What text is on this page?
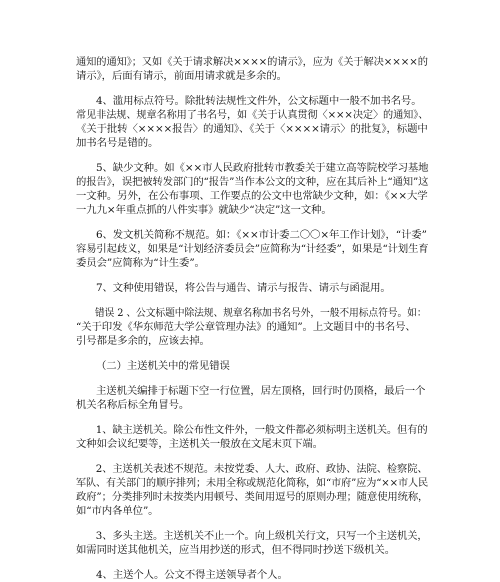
通知的通知》；又如《关于请求解决××××的请示》，应为《关于解决××××的
请示》，后面有请示，前面用请求就是多余的。
4、滥用标点符号。除批转法规性文件外，公文标题中一般不加书名号。
常见非法规、规章名称用了书名号，如《关于认真贯彻〈×××决定〉的通知》、
《关于批转〈××××报告〉的通知》、《关于〈××××请示〉的批复》，标题中
加书名号是错的。
5、缺少文种。如《××市人民政府批转市教委关于建立高等院校学习基地
的报告》，误把被转发部门的“报告”当作本公文的文种，应在其后补上“通知”这
一文种。另外，在公布事项、工作要点的公文中也常缺少文种，如：《××大学
一九九×年重点抓的八件实事》就缺少“决定”这一文种。
6、发文机关简称不规范。如：《××市计委二〇〇×年工作计划》，“计委”
容易引起歧义，如果是“计划经济委员会”应简称为“计经委”，如果是“计划生育
委员会”应简称为“计生委”。
7、文种使用错误，将公告与通告、请示与报告、请示与函混用。
错误 2 、公文标题中除法规、规章名称加书名号外，一般不用标点符号。如：
“关于印发《华东师范大学公章管理办法》的通知”。上文题目中的书名号、
引号都是多余的，应该去掉。
（二）主送机关中的常见错误
主送机关编排于标题下空一行位置，居左顶格，回行时仍顶格，最后一个
机关名称后标全角冒号。
1、缺主送机关。除公布性文件外，一般文件都必须标明主送机关。但有的
文种如会议纪要等，主送机关一般放在文尾末页下端。
2、主送机关表述不规范。未按党委、人大、政府、政协、法院、检察院、
军队、有关部门的顺序排列；未用全称或规范化简称，如“市府”应为“××市人民
政府”；分类排列时未按类内用顿号、类间用逗号的原则办理；随意使用统称，
如“市内各单位”。
3、多头主送。主送机关不止一个。向上级机关行文，只写一个主送机关，
如需同时送其他机关，应当用抄送的形式，但不得同时抄送下级机关。
4、主送个人。公文不得主送领导者个人。
